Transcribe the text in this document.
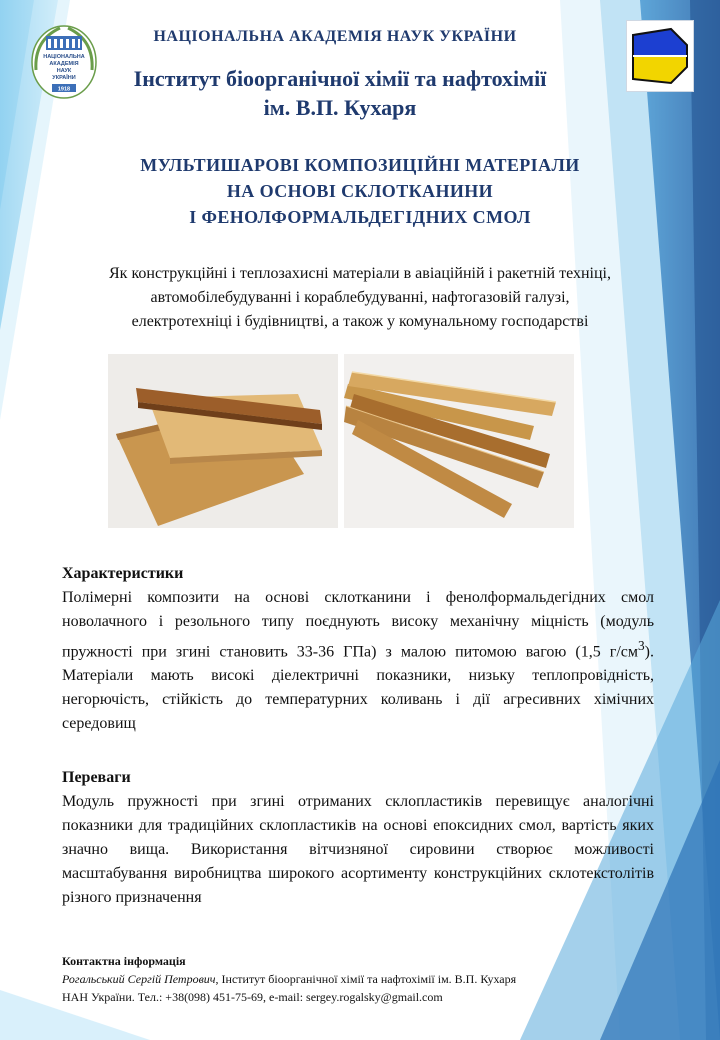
НАЦІОНАЛЬНА
АКАДЕМІЯ
НАУК
УКРАЇНИ
1918
НАЦІОНАЛЬНА АКАДЕМІЯ НАУК УКРАЇНИ
Інститут біоорганічної хімії та нафтохімії
ім. В.П. Кухаря
МУЛЬТИШАРОВІ КОМПОЗИЦІЙНІ МАТЕРІАЛИ
НА ОСНОВІ СКЛОТКАНИНИ
І ФЕНОЛФОРМАЛЬДЕГІДНИХ СМОЛ
Як конструкційні і теплозахисні матеріали в авіаційній і ракетній техніці,
автомобілебудуванні і кораблебудуванні, нафтогазовій галузі,
електротехніці і будівництві, а також у комунальному господарстві
Характеристики
Полімерні композити на основі склотканини і фенолформальдегідних смол новолачного і резольного типу поєднують високу механічну міцність (модуль пружності при згині становить 33-36 ГПа) з малою питомою вагою (1,5 $г/см^3$). Матеріали мають високі діелектричні показники, низьку теплопровідність, негорючість, стійкість до температурних коливань і дії агресивних хімічних середовищ
Переваги
Модуль пружності при згині отриманих склопластиків перевищує аналогічні показники для традиційних склопластиків на основі епоксидних смол, вартість яких значно вища. Використання вітчизняної сировини створює можливості масштабування виробництва широкого асортименту конструкційних склотекстолітів різного призначення
Контактна інформація
Рогальський Сергій Петрович, Інститут біоорганічної хімії та нафтохімії ім. В.П. Кухаря
НАН України. Тел.: +38(098) 451-75-69, e-mail: sergey.rogalsky@gmail.com
